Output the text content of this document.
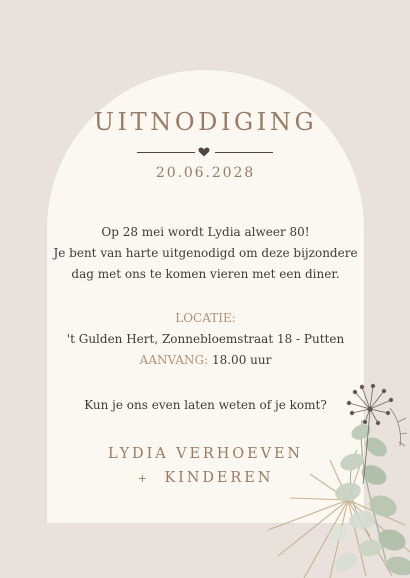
UITNODIGING
20.06.2028
Op 28 mei wordt Lydia alweer 80!
Je bent van harte uitgenodigd om deze bijzondere
dag met ons te komen vieren met een diner.
LOCATIE:
't Gulden Hert, Zonnebloemstraat 18 - Putten
AANVANG: 18.00 uur
Kun je ons even laten weten of je komt?
LYDIA VERHOEVEN
+ KINDEREN
